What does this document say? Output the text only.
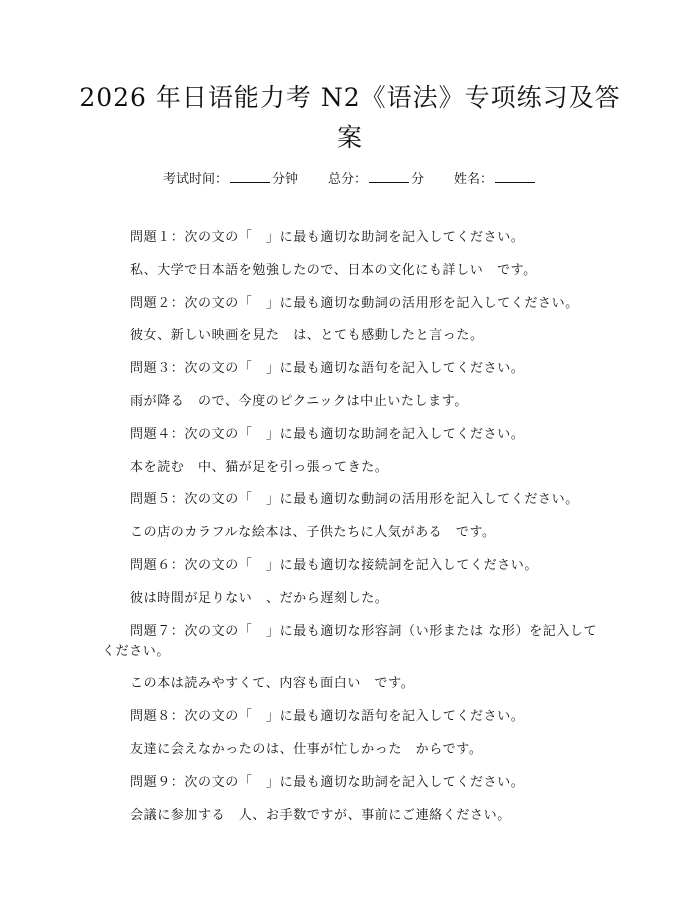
2026 年日语能力考 N2《语法》专项练习及答案
考试时间：	分钟 总分：	分 姓名：

問題１：次の文の「　」に最も適切な助詞を記入してください。

私、大学で日本語を勉強したので、日本の文化にも詳しい　です。

問題２：次の文の「　」に最も適切な動詞の活用形を記入してください。

彼女、新しい映画を見た　は、とても感動したと言った。

問題３：次の文の「　」に最も適切な語句を記入してください。

雨が降る　ので、今度のピクニックは中止いたします。

問題４：次の文の「　」に最も適切な助詞を記入してください。

本を読む　中、猫が足を引っ張ってきた。

問題５：次の文の「　」に最も適切な動詞の活用形を記入してください。

この店のカラフルな絵本は、子供たちに人気がある　です。

問題６：次の文の「　」に最も適切な接続詞を記入してください。

彼は時間が足りない　、だから遅刻した。

問題７：次の文の「　」に最も適切な形容詞（い形または な形）を記入してください。

この本は読みやすくて、内容も面白い　です。

問題８：次の文の「　」に最も適切な語句を記入してください。

友達に会えなかったのは、仕事が忙しかった　からです。

問題９：次の文の「　」に最も適切な助詞を記入してください。

会議に参加する　人、お手数ですが、事前にご連絡ください。
